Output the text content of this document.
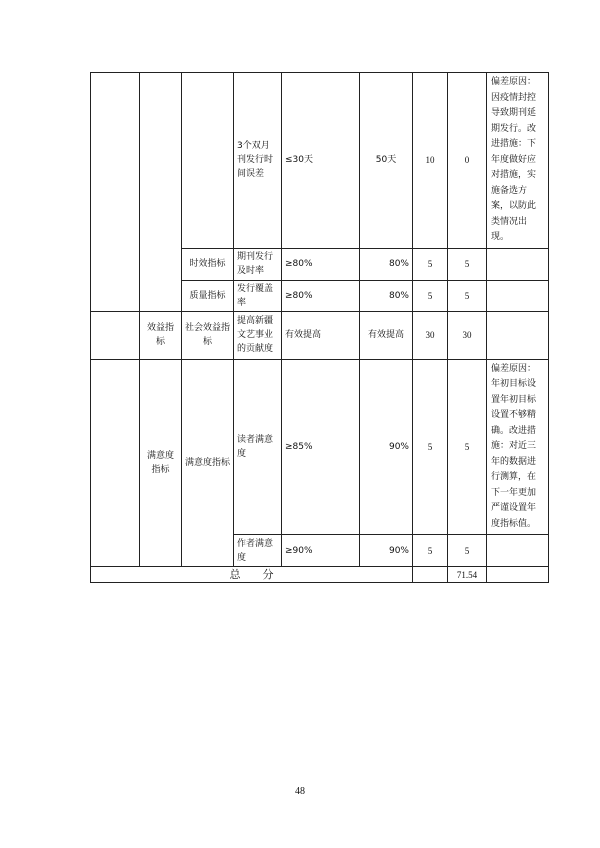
			3个双月刊发行时间误差	≤30天	50天	10	0	偏差原因：因疫情封控导致期刊延期发行。改进措施：下年度做好应对措施，实施备选方案，以防此类情况出现。
		时效指标	期刊发行及时率	≥80%	80%	5	5	
		质量指标	发行覆盖率	≥80%	80%	5	5	
	效益指标	社会效益指标	提高新疆文艺事业的贡献度	有效提高	有效提高	30	30	
	满意度指标	满意度指标	读者满意度	≥85%	90%	5	5	偏差原因：年初目标设置年初目标设置不够精确。改进措施：对近三年的数据进行测算，在下一年更加严谨设置年度指标值。
			作者满意度	≥90%	90%	5	5	
总　　分							71.54	
48
